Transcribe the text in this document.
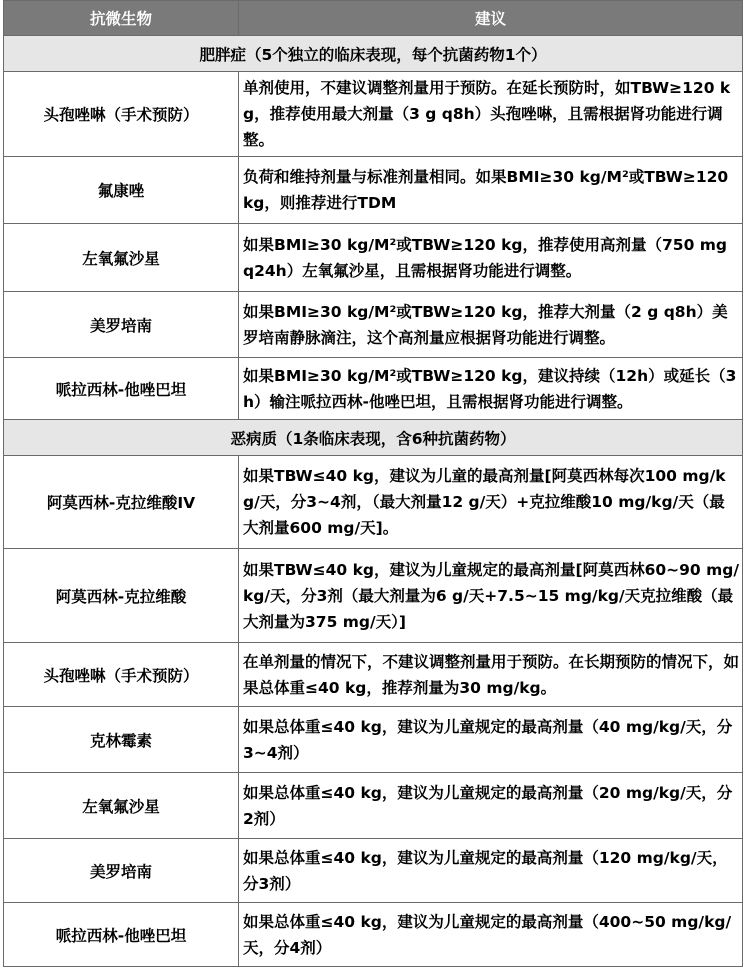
抗微生物	建议
肥胖症（5个独立的临床表现，每个抗菌药物1个）	
头孢唑啉（手术预防）	单剂使用，不建议调整剂量用于预防。在延长预防时，如TBW≥120 kg，推荐使用最大剂量（3 g q8h）头孢唑啉，且需根据肾功能进行调整。
氟康唑	负荷和维持剂量与标准剂量相同。如果BMI≥30 kg/M²或TBW≥120 kg，则推荐进行TDM
左氧氟沙星	如果BMI≥30 kg/M²或TBW≥120 kg，推荐使用高剂量（750 mg q24h）左氧氟沙星，且需根据肾功能进行调整。
美罗培南	如果BMI≥30 kg/M²或TBW≥120 kg，推荐大剂量（2 g q8h）美罗培南静脉滴注，这个高剂量应根据肾功能进行调整。
哌拉西林-他唑巴坦	如果BMI≥30 kg/M²或TBW≥120 kg，建议持续（12h）或延长（3h）输注哌拉西林-他唑巴坦，且需根据肾功能进行调整。
恶病质（1条临床表现，含6种抗菌药物）	
阿莫西林-克拉维酸IV	如果TBW≤40 kg，建议为儿童的最高剂量[阿莫西林每次100 mg/kg/天，分3~4剂，（最大剂量12 g/天）+克拉维酸10 mg/kg/天（最大剂量600 mg/天]。
阿莫西林-克拉维酸	如果TBW≤40 kg，建议为儿童规定的最高剂量[阿莫西林60~90 mg/kg/天，分3剂（最大剂量为6 g/天+7.5~15 mg/kg/天克拉维酸（最大剂量为375 mg/天）]
头孢唑啉（手术预防）	在单剂量的情况下，不建议调整剂量用于预防。在长期预防的情况下，如果总体重≤40 kg，推荐剂量为30 mg/kg。
克林霉素	如果总体重≤40 kg，建议为儿童规定的最高剂量（40 mg/kg/天，分3~4剂）
左氧氟沙星	如果总体重≤40 kg，建议为儿童规定的最高剂量（20 mg/kg/天，分2剂）
美罗培南	如果总体重≤40 kg，建议为儿童规定的最高剂量（120 mg/kg/天，分3剂）
哌拉西林-他唑巴坦	如果总体重≤40 kg，建议为儿童规定的最高剂量（400~50 mg/kg/天，分4剂）
